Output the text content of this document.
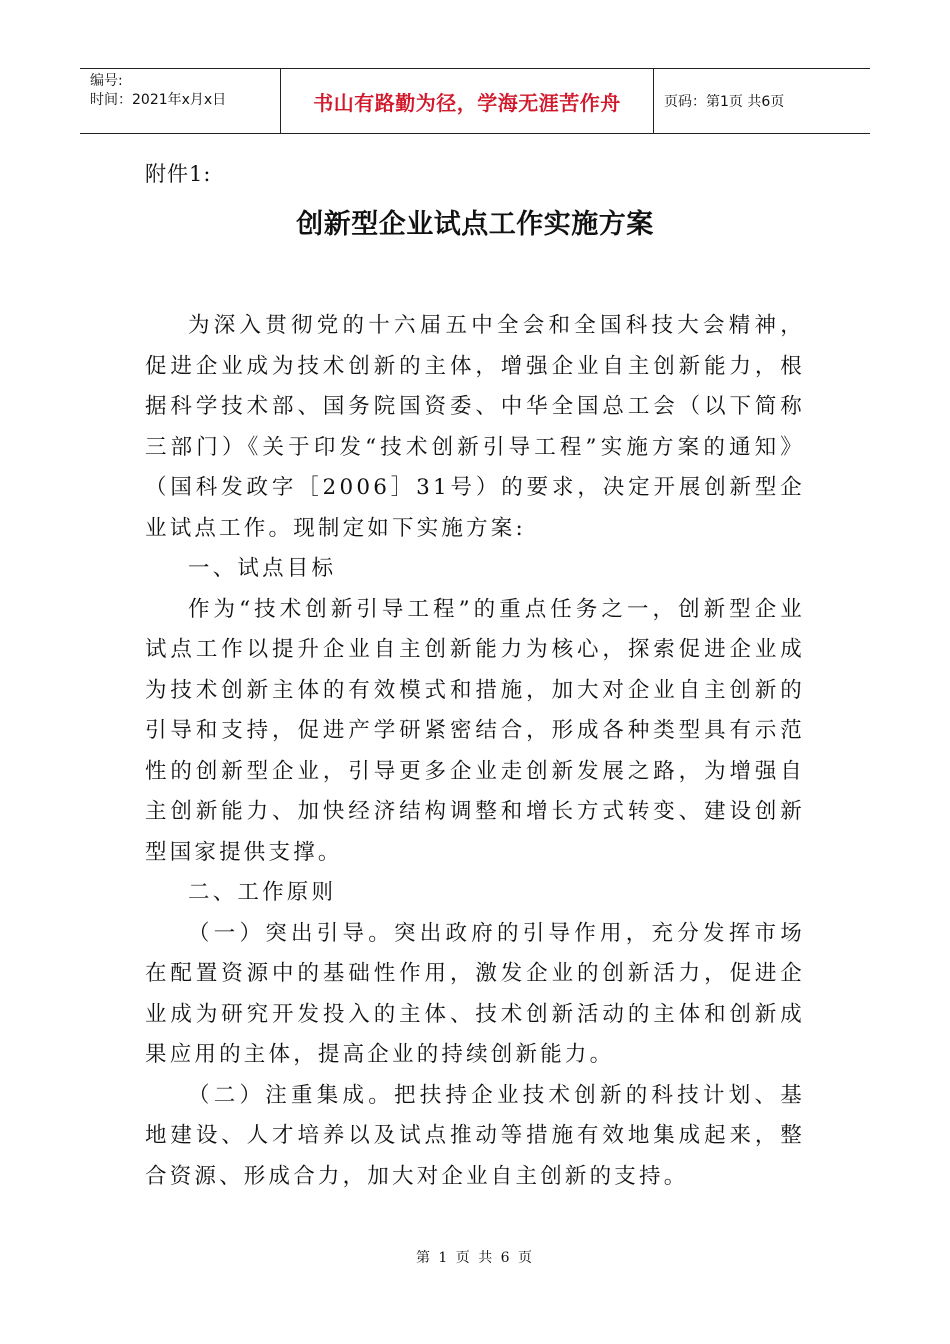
编号:
时间：2021年x月x日	书山有路勤为径，学海无涯苦作舟	页码：第1页 共6页
附件1:
创新型企业试点工作实施方案

为深入贯彻党的十六届五中全会和全国科技大会精神，促进企业成为技术创新的主体，增强企业自主创新能力，根据科学技术部、国务院国资委、中华全国总工会（以下简称三部门）《关于印发“技术创新引导工程”实施方案的通知》（国科发政字［2006］31号）的要求，决定开展创新型企业试点工作。现制定如下实施方案:

一、试点目标

作为“技术创新引导工程”的重点任务之一，创新型企业试点工作以提升企业自主创新能力为核心，探索促进企业成为技术创新主体的有效模式和措施，加大对企业自主创新的引导和支持，促进产学研紧密结合，形成各种类型具有示范性的创新型企业，引导更多企业走创新发展之路，为增强自主创新能力、加快经济结构调整和增长方式转变、建设创新型国家提供支撑。

二、工作原则

（一）突出引导。突出政府的引导作用，充分发挥市场在配置资源中的基础性作用，激发企业的创新活力，促进企业成为研究开发投入的主体、技术创新活动的主体和创新成果应用的主体，提高企业的持续创新能力。

（二）注重集成。把扶持企业技术创新的科技计划、基地建设、人才培养以及试点推动等措施有效地集成起来，整合资源、形成合力，加大对企业自主创新的支持。

第 1 页 共 6 页
